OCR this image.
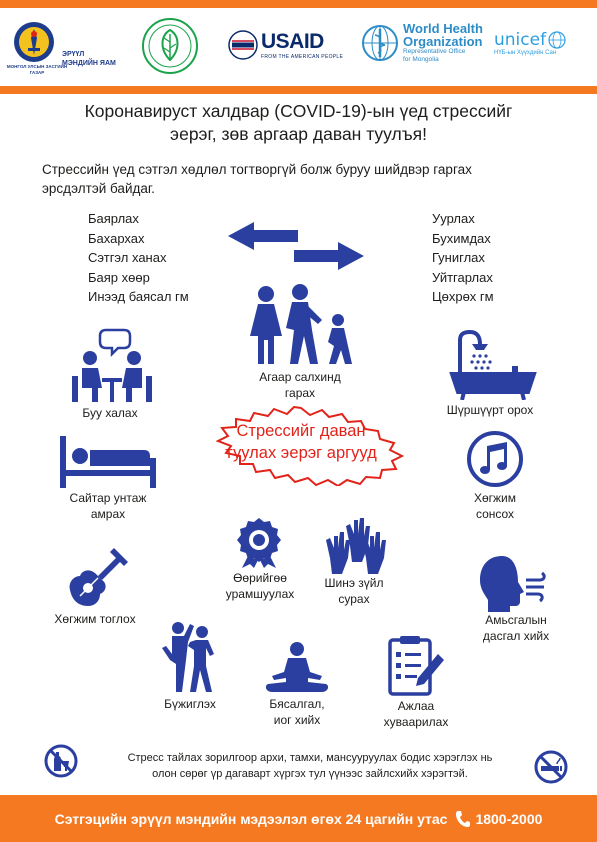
ЭРҮҮЛ
МЭНДИЙН ЯАМ
МОНГОЛ УЛСЫН ЗАСГИЙН ГАЗАР
USAID
FROM THE AMERICAN PEOPLE
World Health
Organization
Representative Office
for Mongolia
unicef
НҮБ-ын Хүүхдийн Сан
Коронавируст халдвар (COVID-19)-ын үед стрессийг
эерэг, зөв аргаар даван туулъя!
Стрессийн үед сэтгэл хөдлөл тогтворгүй болж буруу шийдвэр гаргах
эрсдэлтэй байдаг.
Баярлах
Бахархах
Сэтгэл ханах
Баяр хөөр
Инээд баясал гм
Уурлах
Бухимдах
Гуниглах
Уйтгарлах
Цөхрөх гм
Агаар салхинд
гарах
Буу халах	Шүршүүрт орох
Сайтар унтаж
амрах
Стрессийг даван
туулах эерэг аргууд
Хөгжим
сонсох
Өөрийгөө
урамшуулах
Шинэ зүйл
сурах
Хөгжим тоглох	Амьсгалын
дасгал хийх
Бүжиглэх	Бясалгал,
иог хийх
Ажлаа
хуваарилах
Стресс тайлах зорилгоор архи, тамхи, мансууруулах бодис хэрэглэх нь
олон сөрөг үр дагаварт хүргэх тул үүнээс зайлсхийх хэрэгтэй.
Сэтгэцийн эрүүл мэндийн мэдээлэл өгөх 24 цагийн утас 1800-2000
